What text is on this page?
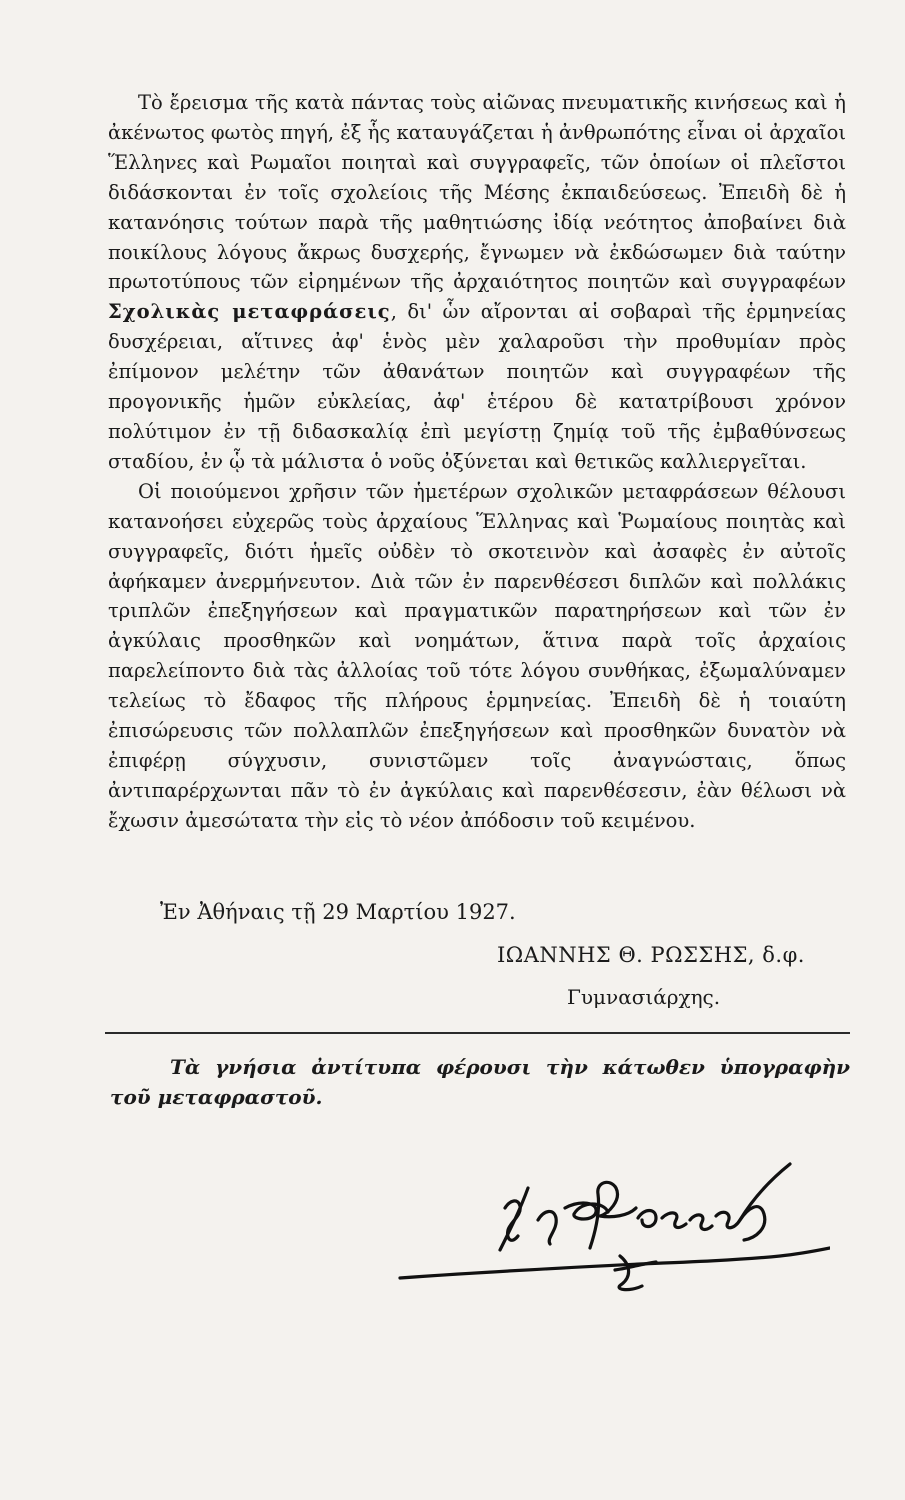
Τὸ ἔρεισμα τῆς κατὰ πάντας τοὺς αἰῶνας πνευματικῆς κινήσεως καὶ ἡ ἀκένωτος φωτὸς πηγή, ἐξ ἧς καταυγάζεται ἡ ἀνθρωπότης εἶναι οἱ ἀρχαῖοι Ἕλληνες καὶ Ρωμαῖοι ποιηταὶ καὶ συγγραφεῖς, τῶν ὁποίων οἱ πλεῖστοι διδάσκονται ἐν τοῖς σχολείοις τῆς Μέσης ἐκπαιδεύσεως. Ἐπειδὴ δὲ ἡ κατανόησις τούτων παρὰ τῆς μαθητιώσης ἰδίᾳ νεότητος ἀποβαίνει διὰ ποικίλους λόγους ἄκρως δυσχερής, ἔγνωμεν νὰ ἐκδώσωμεν διὰ ταύτην πρωτοτύπους τῶν εἰρημένων τῆς ἀρχαιότητος ποιητῶν καὶ συγγραφέων Σχολικὰς μεταφράσεις, δι' ὧν αἴρονται αἱ σοβαραὶ τῆς ἑρμηνείας δυσχέρειαι, αἵτινες ἀφ' ἑνὸς μὲν χαλαροῦσι τὴν προθυμίαν πρὸς ἐπίμονον μελέτην τῶν ἀθανάτων ποιητῶν καὶ συγγραφέων τῆς προγονικῆς ἡμῶν εὐκλείας, ἀφ' ἑτέρου δὲ κατατρίβουσι χρόνον πολύτιμον ἐν τῇ διδασκαλίᾳ ἐπὶ μεγίστῃ ζημίᾳ τοῦ τῆς ἐμβαθύνσεως σταδίου, ἐν ᾧ τὰ μάλιστα ὁ νοῦς ὀξύνεται καὶ θετικῶς καλλιεργεῖται.

Οἱ ποιούμενοι χρῆσιν τῶν ἡμετέρων σχολικῶν μεταφράσεων θέλουσι κατανοήσει εὐχερῶς τοὺς ἀρχαίους Ἕλληνας καὶ Ῥωμαίους ποιητὰς καὶ συγγραφεῖς, διότι ἡμεῖς οὐδὲν τὸ σκοτεινὸν καὶ ἀσαφὲς ἐν αὐτοῖς ἀφήκαμεν ἀνερμήνευτον. Διὰ τῶν ἐν παρενθέσεσι διπλῶν καὶ πολλάκις τριπλῶν ἐπεξηγήσεων καὶ πραγματικῶν παρατηρήσεων καὶ τῶν ἐν ἀγκύλαις προσθηκῶν καὶ νοημάτων, ἅτινα παρὰ τοῖς ἀρχαίοις παρελείποντο διὰ τὰς ἀλλοίας τοῦ τότε λόγου συνθήκας, ἐξωμαλύναμεν τελείως τὸ ἔδαφος τῆς πλήρους ἑρμηνείας. Ἐπειδὴ δὲ ἡ τοιαύτη ἐπισώρευσις τῶν πολλαπλῶν ἐπεξηγήσεων καὶ προσθηκῶν δυνατὸν νὰ ἐπιφέρῃ σύγχυσιν, συνιστῶμεν τοῖς ἀναγνώσταις, ὅπως ἀντιπαρέρχωνται πᾶν τὸ ἐν ἀγκύλαις καὶ παρενθέσεσιν, ἐὰν θέλωσι νὰ ἔχωσιν ἀμεσώτατα τὴν εἰς τὸ νέον ἀπόδοσιν τοῦ κειμένου.

Ἐν Ἀθήναις τῇ 29 Μαρτίου 1927.
ΙΩΑΝΝΗΣ Θ. ΡΩΣΣΗΣ, δ.φ.
Γυμνασιάρχης.
Τὰ γνήσια ἀντίτυπα φέρουσι τὴν κάτωθεν ὑπογραφὴν τοῦ μεταφραστοῦ.
